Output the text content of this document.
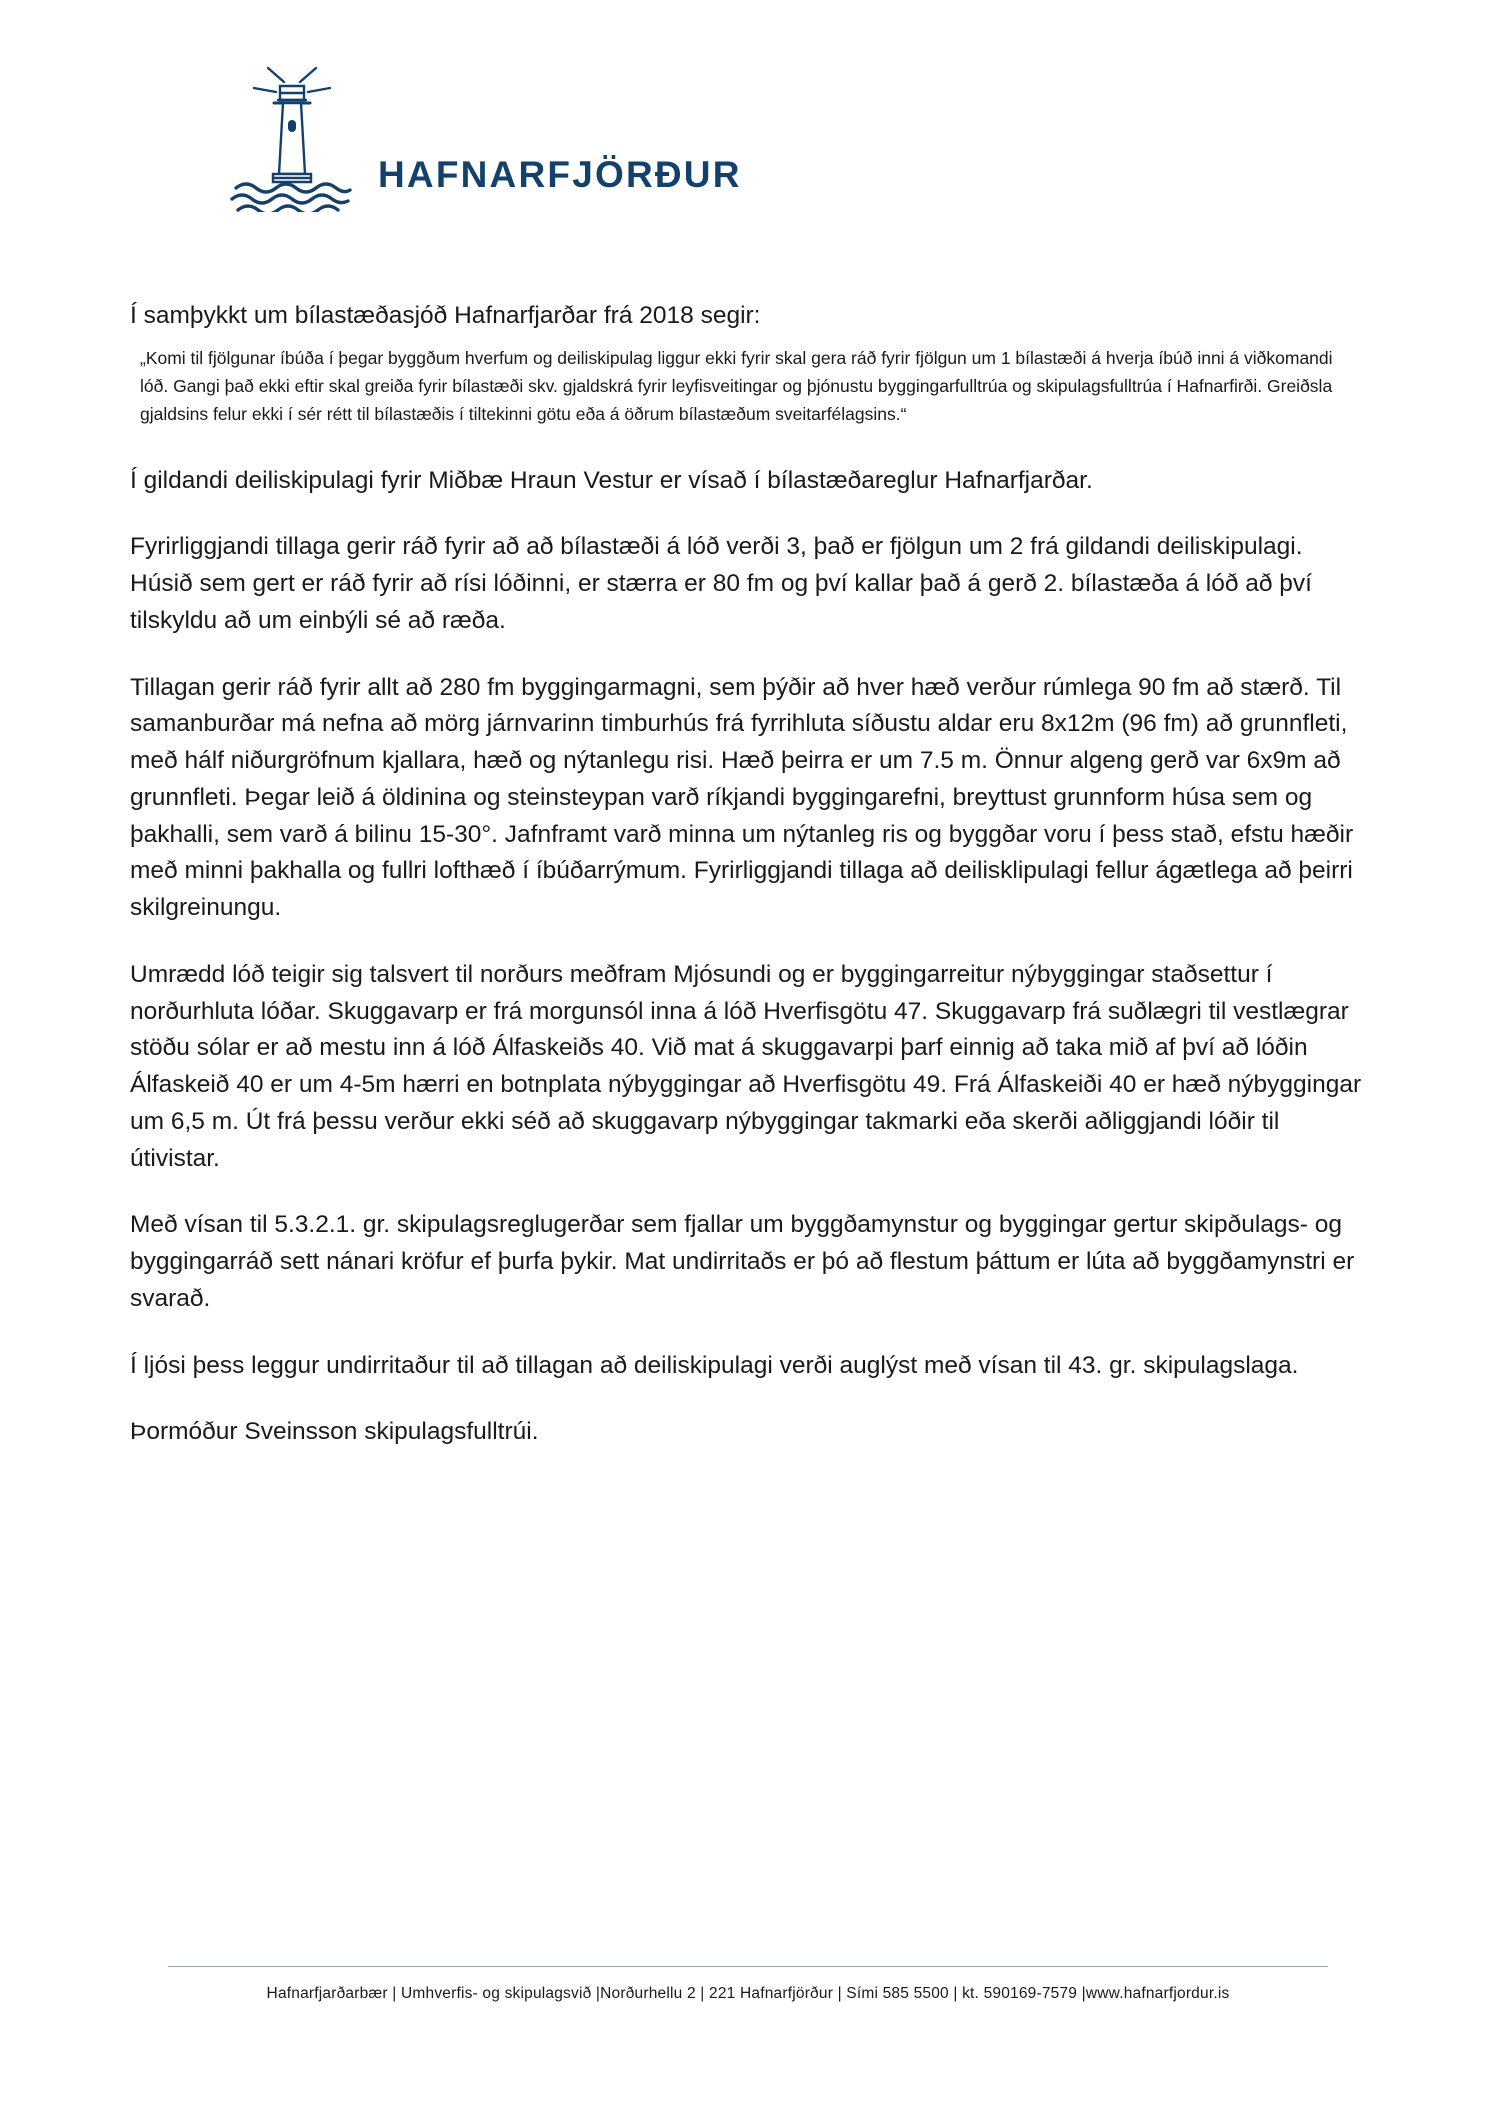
HAFNARFJÖRÐUR

Í samþykkt um bílastæðasjóð Hafnarfjarðar frá 2018 segir:

„Komi til fjölgunar íbúða í þegar byggðum hverfum og deiliskipulag liggur ekki fyrir skal gera ráð fyrir fjölgun um 1 bílastæði á hverja íbúð inni á viðkomandi lóð. Gangi það ekki eftir skal greiða fyrir bílastæði skv. gjaldskrá fyrir leyfisveitingar og þjónustu byggingarfulltrúa og skipulagsfulltrúa í Hafnarfirði. Greiðsla gjaldsins felur ekki í sér rétt til bílastæðis í tiltekinni götu eða á öðrum bílastæðum sveitarfélagsins.“

Í gildandi deiliskipulagi fyrir Miðbæ Hraun Vestur er vísað í bílastæðareglur Hafnarfjarðar.

Fyrirliggjandi tillaga gerir ráð fyrir að að bílastæði á lóð verði 3, það er fjölgun um 2 frá gildandi deiliskipulagi. Húsið sem gert er ráð fyrir að rísi lóðinni, er stærra er 80 fm og því kallar það á gerð 2. bílastæða á lóð að því tilskyldu að um einbýli sé að ræða.

Tillagan gerir ráð fyrir allt að 280 fm byggingarmagni, sem þýðir að hver hæð verður rúmlega 90 fm að stærð. Til samanburðar má nefna að mörg járnvarinn timburhús frá fyrrihluta síðustu aldar eru 8x12m (96 fm) að grunnfleti, með hálf niðurgröfnum kjallara, hæð og nýtanlegu risi. Hæð þeirra er um 7.5 m. Önnur algeng gerð var 6x9m að grunnfleti. Þegar leið á öldinina og steinsteypan varð ríkjandi byggingarefni, breyttust grunnform húsa sem og þakhalli, sem varð á bilinu 15-30°. Jafnframt varð minna um nýtanleg ris og byggðar voru í þess stað, efstu hæðir með minni þakhalla og fullri lofthæð í íbúðarrýmum. Fyrirliggjandi tillaga að deilisklipulagi fellur ágætlega að þeirri skilgreinungu.

Umrædd lóð teigir sig talsvert til norðurs meðfram Mjósundi og er byggingarreitur nýbyggingar staðsettur í norðurhluta lóðar. Skuggavarp er frá morgunsól inna á lóð Hverfisgötu 47. Skuggavarp frá suðlægri til vestlægrar stöðu sólar er að mestu inn á lóð Álfaskeiðs 40. Við mat á skuggavarpi þarf einnig að taka mið af því að lóðin Álfaskeið 40 er um 4-5m hærri en botnplata nýbyggingar að Hverfisgötu 49. Frá Álfaskeiði 40 er hæð nýbyggingar um 6,5 m. Út frá þessu verður ekki séð að skuggavarp nýbyggingar takmarki eða skerði aðliggjandi lóðir til útivistar.

Með vísan til 5.3.2.1. gr. skipulagsreglugerðar sem fjallar um byggðamynstur og byggingar gertur skipðulags- og byggingarráð sett nánari kröfur ef þurfa þykir. Mat undirritaðs er þó að flestum þáttum er lúta að byggðamynstri er svarað.

Í ljósi þess leggur undirritaður til að tillagan að deiliskipulagi verði auglýst með vísan til 43. gr. skipulagslaga.

Þormóður Sveinsson skipulagsfulltrúi.

Hafnarfjarðarbær | Umhverfis- og skipulagsvið |Norðurhellu 2 | 221 Hafnarfjörður | Sími 585 5500 | kt. 590169-7579 |www.hafnarfjordur.is
